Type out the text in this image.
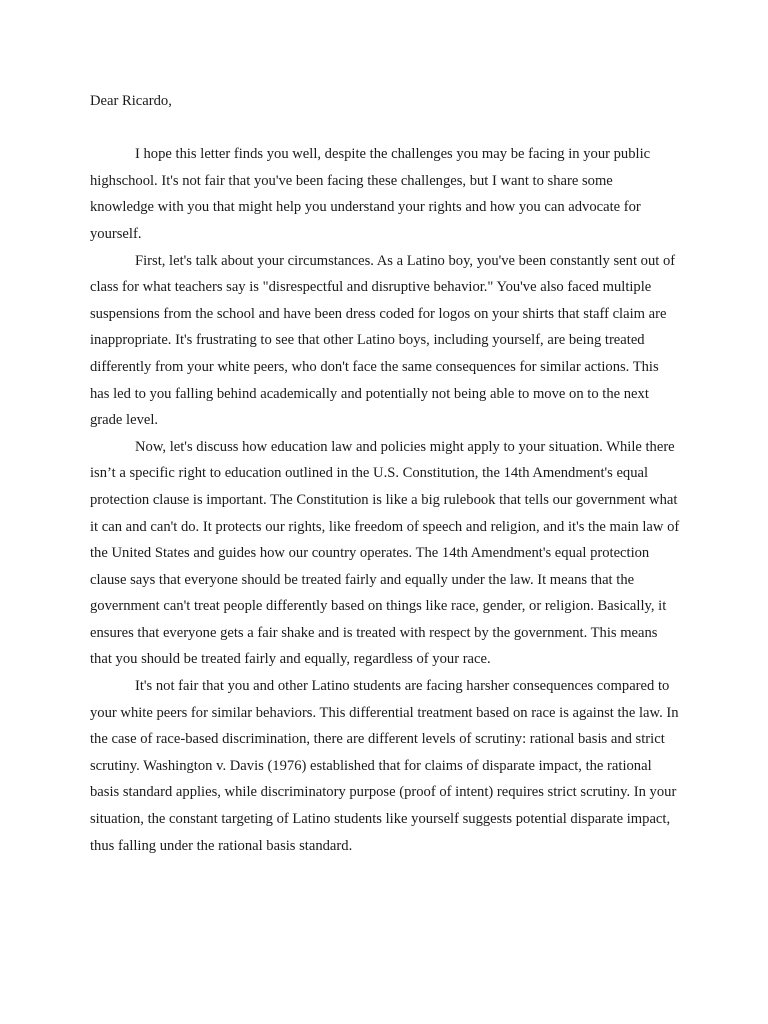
Dear Ricardo,

I hope this letter finds you well, despite the challenges you may be facing in your public highschool. It's not fair that you've been facing these challenges, but I want to share some knowledge with you that might help you understand your rights and how you can advocate for yourself.

First, let's talk about your circumstances. As a Latino boy, you've been constantly sent out of class for what teachers say is "disrespectful and disruptive behavior." You've also faced multiple suspensions from the school and have been dress coded for logos on your shirts that staff claim are inappropriate. It's frustrating to see that other Latino boys, including yourself, are being treated differently from your white peers, who don't face the same consequences for similar actions. This has led to you falling behind academically and potentially not being able to move on to the next grade level.

Now, let's discuss how education law and policies might apply to your situation. While there isn’t a specific right to education outlined in the U.S. Constitution, the 14th Amendment's equal protection clause is important. The Constitution is like a big rulebook that tells our government what it can and can't do. It protects our rights, like freedom of speech and religion, and it's the main law of the United States and guides how our country operates. The 14th Amendment's equal protection clause says that everyone should be treated fairly and equally under the law. It means that the government can't treat people differently based on things like race, gender, or religion. Basically, it ensures that everyone gets a fair shake and is treated with respect by the government. This means that you should be treated fairly and equally, regardless of your race.

It's not fair that you and other Latino students are facing harsher consequences compared to your white peers for similar behaviors. This differential treatment based on race is against the law. In the case of race-based discrimination, there are different levels of scrutiny: rational basis and strict scrutiny. Washington v. Davis (1976) established that for claims of disparate impact, the rational basis standard applies, while discriminatory purpose (proof of intent) requires strict scrutiny. In your situation, the constant targeting of Latino students like yourself suggests potential disparate impact, thus falling under the rational basis standard.
